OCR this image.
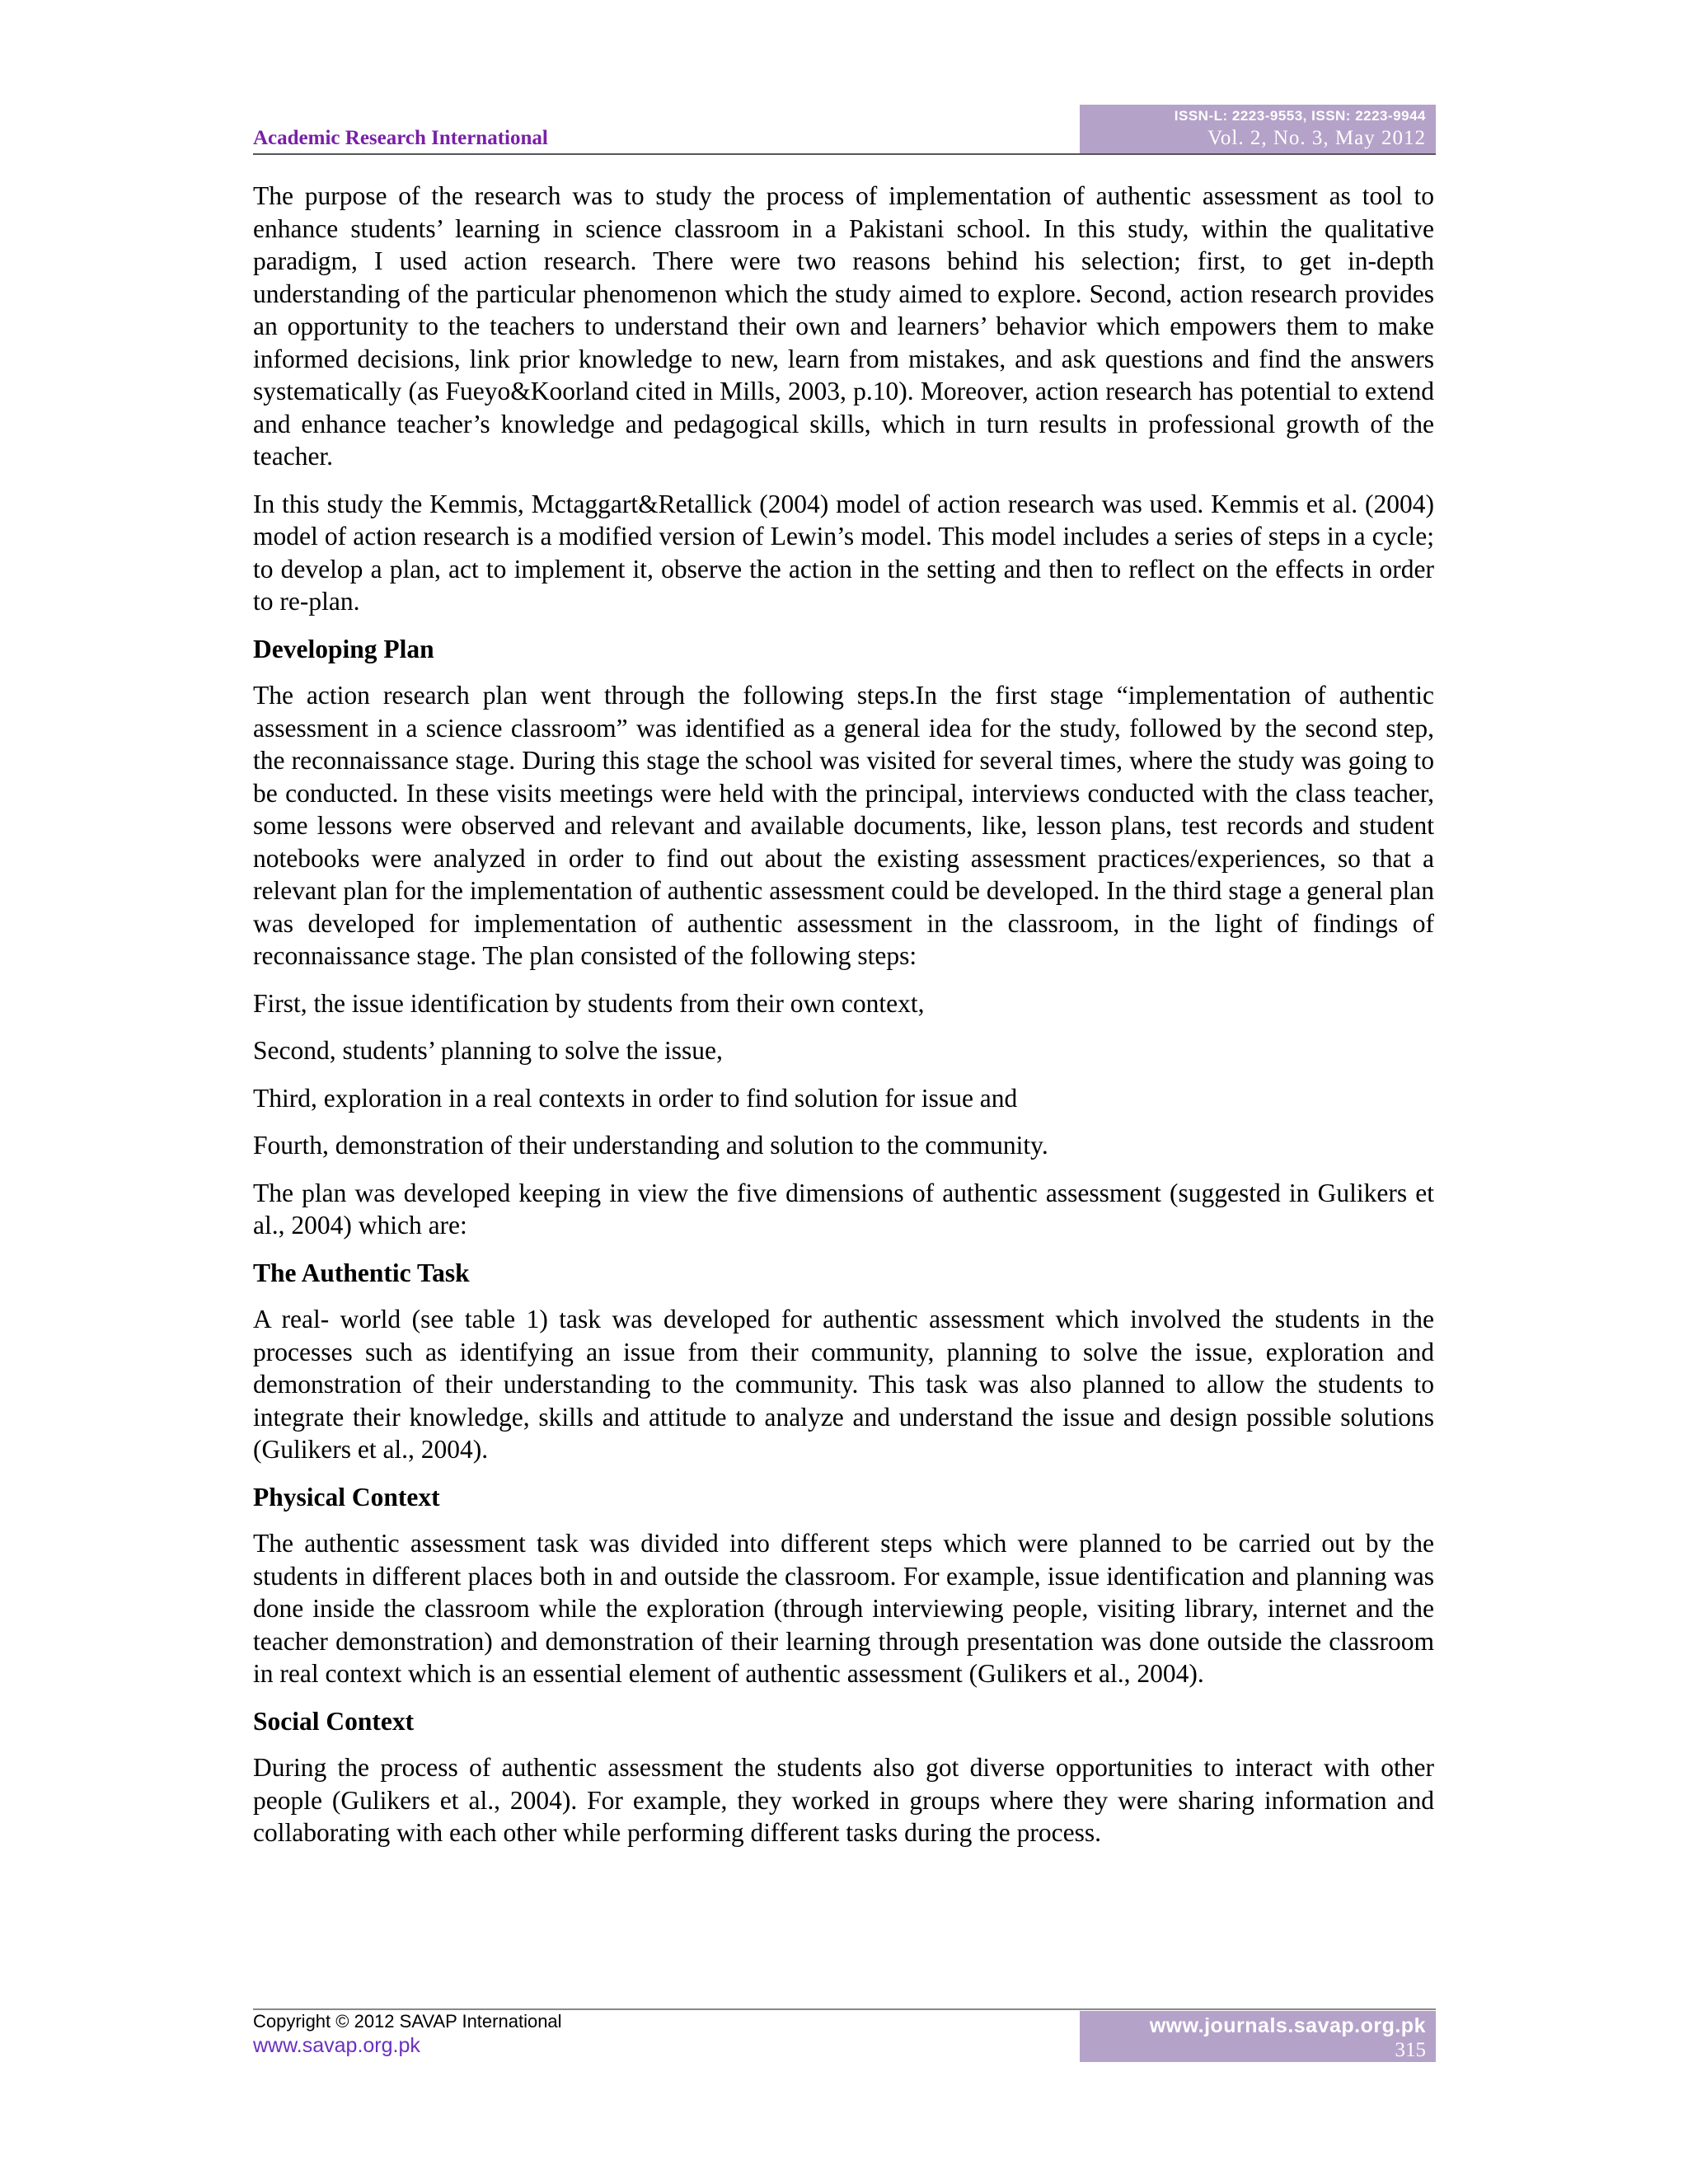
Academic Research International
ISSN-L: 2223-9553, ISSN: 2223-9944
Vol. 2, No. 3, May 2012

The purpose of the research was to study the process of implementation of authentic assessment as tool to enhance students’ learning in science classroom in a Pakistani school. In this study, within the qualitative paradigm, I used action research. There were two reasons behind his selection; first, to get in-depth understanding of the particular phenomenon which the study aimed to explore. Second, action research provides an opportunity to the teachers to understand their own and learners’ behavior which empowers them to make informed decisions, link prior knowledge to new, learn from mistakes, and ask questions and find the answers systematically (as Fueyo&Koorland cited in Mills, 2003, p.10). Moreover, action research has potential to extend and enhance teacher’s knowledge and pedagogical skills, which in turn results in professional growth of the teacher.

In this study the Kemmis, Mctaggart&Retallick (2004) model of action research was used. Kemmis et al. (2004) model of action research is a modified version of Lewin’s model. This model includes a series of steps in a cycle; to develop a plan, act to implement it, observe the action in the setting and then to reflect on the effects in order to re-plan.

Developing Plan

The action research plan went through the following steps.In the first stage “implementation of authentic assessment in a science classroom” was identified as a general idea for the study, followed by the second step, the reconnaissance stage. During this stage the school was visited for several times, where the study was going to be conducted. In these visits meetings were held with the principal, interviews conducted with the class teacher, some lessons were observed and relevant and available documents, like, lesson plans, test records and student notebooks were analyzed in order to find out about the existing assessment practices/experiences, so that a relevant plan for the implementation of authentic assessment could be developed. In the third stage a general plan was developed for implementation of authentic assessment in the classroom, in the light of findings of reconnaissance stage. The plan consisted of the following steps:

First, the issue identification by students from their own context,

Second, students’ planning to solve the issue,

Third, exploration in a real contexts in order to find solution for issue and

Fourth, demonstration of their understanding and solution to the community.

The plan was developed keeping in view the five dimensions of authentic assessment (suggested in Gulikers et al., 2004) which are:

The Authentic Task

A real- world (see table 1) task was developed for authentic assessment which involved the students in the processes such as identifying an issue from their community, planning to solve the issue, exploration and demonstration of their understanding to the community. This task was also planned to allow the students to integrate their knowledge, skills and attitude to analyze and understand the issue and design possible solutions (Gulikers et al., 2004).

Physical Context

The authentic assessment task was divided into different steps which were planned to be carried out by the students in different places both in and outside the classroom. For example, issue identification and planning was done inside the classroom while the exploration (through interviewing people, visiting library, internet and the teacher demonstration) and demonstration of their learning through presentation was done outside the classroom in real context which is an essential element of authentic assessment (Gulikers et al., 2004).

Social Context

During the process of authentic assessment the students also got diverse opportunities to interact with other people (Gulikers et al., 2004). For example, they worked in groups where they were sharing information and collaborating with each other while performing different tasks during the process.

Copyright © 2012 SAVAP International
www.savap.org.pk
www.journals.savap.org.pk
315
